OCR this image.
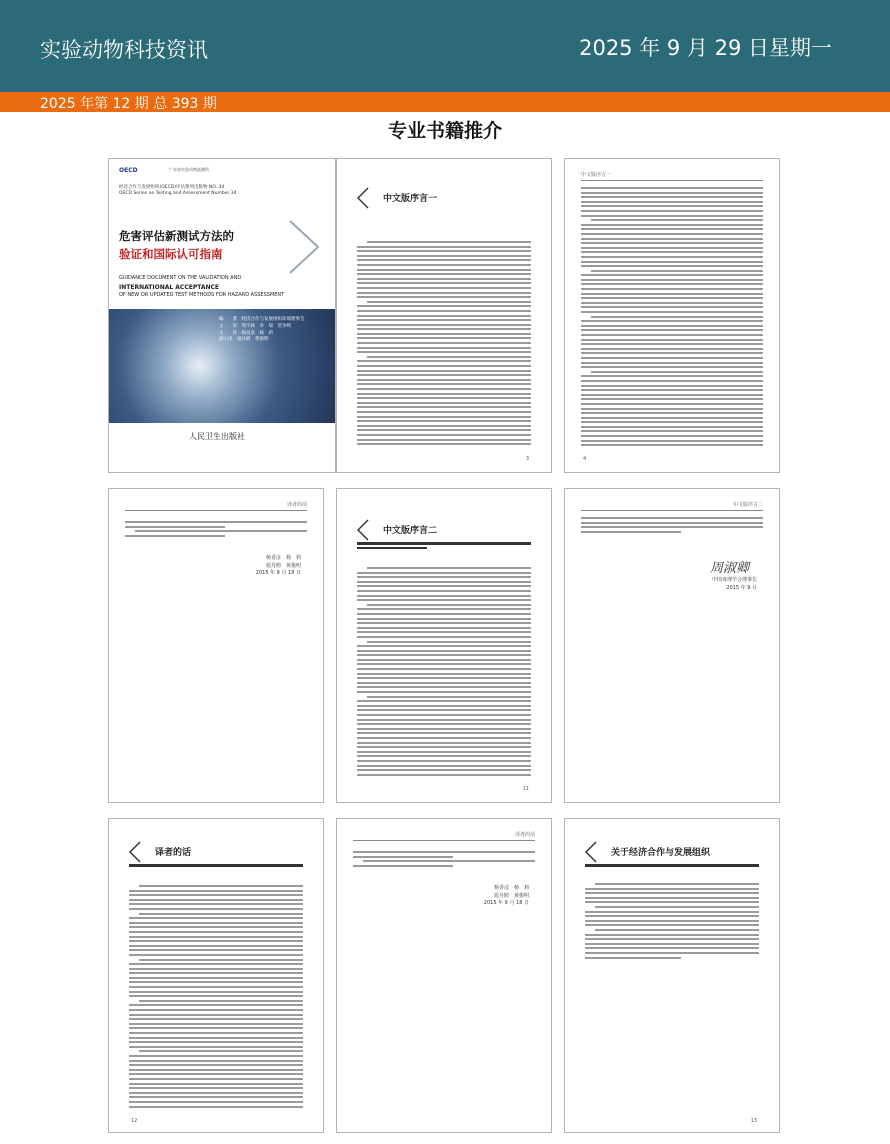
实验动物科技资讯	2025 年 9 月 29 日星期一
2025 年第 12 期 总 393 期
专业书籍推介
OECD	广东省实验动物监测所
经济合作与发展组织(OECD)评估系列出版物 NO. 34
OECD Series on Testing and Assessment Number 34
危害评估新测试方法的
验证和国际认可指南
GUIDANCE DOCUMENT ON THE VALIDATION AND
INTERNATIONAL ACCEPTANCE
OF NEW OR UPDATED TEST METHODS FOR HAZARD ASSESSMENT
编　　著　经济合作与发展组织环境理事会
主　　审　周宇林　李　瑞　贺争鸣
主　　译　杨昌彦　杨　莉
副主译　扈丹鸥　黄俊明
人民卫生出版社
中文版序言一
3
中文版序言一
4
译者的话
杨香彦　杨　莉
扈丹鸥　黄俊明
2015 年 9 月 18 日
中文版序言二
11
中文版序言二
周淑卿
中国毒理学会理事长
2015 年 9 月
译者的话
12
译者的话
杨香彦　杨　莉
扈丹鸥　黄俊明
2015 年 9 月 18 日
关于经济合作与发展组织
13
